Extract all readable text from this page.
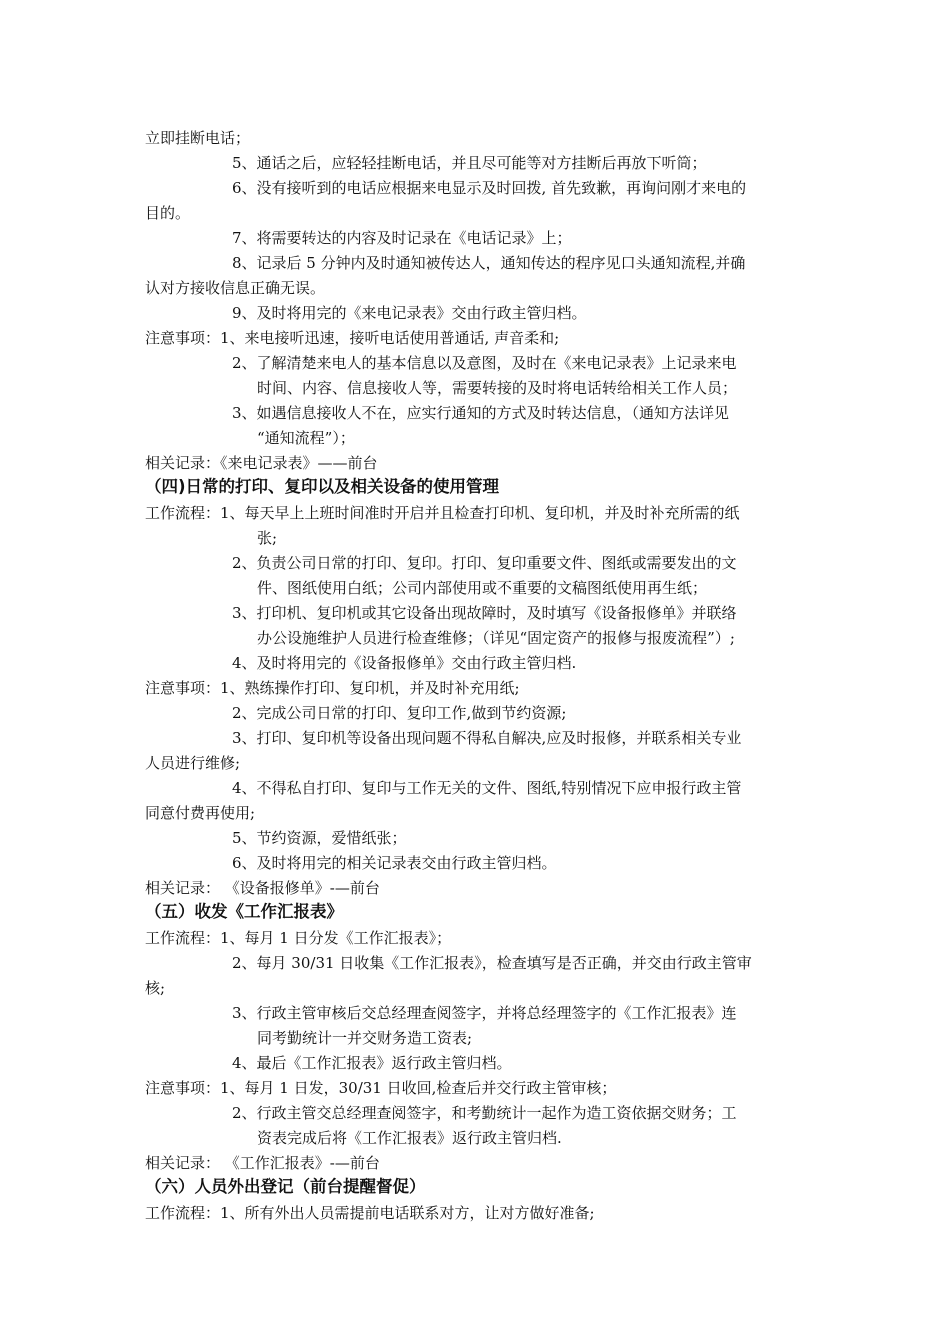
立即挂断电话；
5、通话之后，应轻轻挂断电话，并且尽可能等对方挂断后再放下听筒；
6、没有接听到的电话应根据来电显示及时回拨, 首先致歉，再询问刚才来电的
目的。
7、将需要转达的内容及时记录在《电话记录》上；
8、记录后 5 分钟内及时通知被传达人，通知传达的程序见口头通知流程,并确
认对方接收信息正确无误。
9、及时将用完的《来电记录表》交由行政主管归档。
注意事项：1、来电接听迅速，接听电话使用普通话, 声音柔和;
2、了解清楚来电人的基本信息以及意图，及时在《来电记录表》上记录来电
时间、内容、信息接收人等，需要转接的及时将电话转给相关工作人员；
3、如遇信息接收人不在，应实行通知的方式及时转达信息，（通知方法详见
“通知流程”）；
相关记录：《来电记录表》——前台
（四)日常的打印、复印以及相关设备的使用管理
工作流程：1、每天早上上班时间准时开启并且检查打印机、复印机，并及时补充所需的纸
张;
2、负责公司日常的打印、复印。打印、复印重要文件、图纸或需要发出的文
件、图纸使用白纸；公司内部使用或不重要的文稿图纸使用再生纸；
3、打印机、复印机或其它设备出现故障时，及时填写《设备报修单》并联络
办公设施维护人员进行检查维修；（详见“固定资产的报修与报废流程”）;
4、及时将用完的《设备报修单》交由行政主管归档.
注意事项：1、熟练操作打印、复印机，并及时补充用纸;
2、完成公司日常的打印、复印工作,做到节约资源;
3、打印、复印机等设备出现问题不得私自解决,应及时报修，并联系相关专业
人员进行维修;
4、不得私自打印、复印与工作无关的文件、图纸,特别情况下应申报行政主管
同意付费再使用;
5、节约资源，爱惜纸张；
6、及时将用完的相关记录表交由行政主管归档。
相关记录： 《设备报修单》-—前台
（五）收发《工作汇报表》
工作流程：1、每月 1 日分发《工作汇报表》；
2、每月 30/31 日收集《工作汇报表》，检查填写是否正确，并交由行政主管审
核;
3、行政主管审核后交总经理查阅签字，并将总经理签字的《工作汇报表》连
同考勤统计一并交财务造工资表;
4、最后《工作汇报表》返行政主管归档。
注意事项：1、每月 1 日发，30/31 日收回,检查后并交行政主管审核；
2、行政主管交总经理查阅签字，和考勤统计一起作为造工资依据交财务；工
资表完成后将《工作汇报表》返行政主管归档.
相关记录： 《工作汇报表》-—前台
（六）人员外出登记（前台提醒督促）
工作流程：1、所有外出人员需提前电话联系对方，让对方做好准备;
